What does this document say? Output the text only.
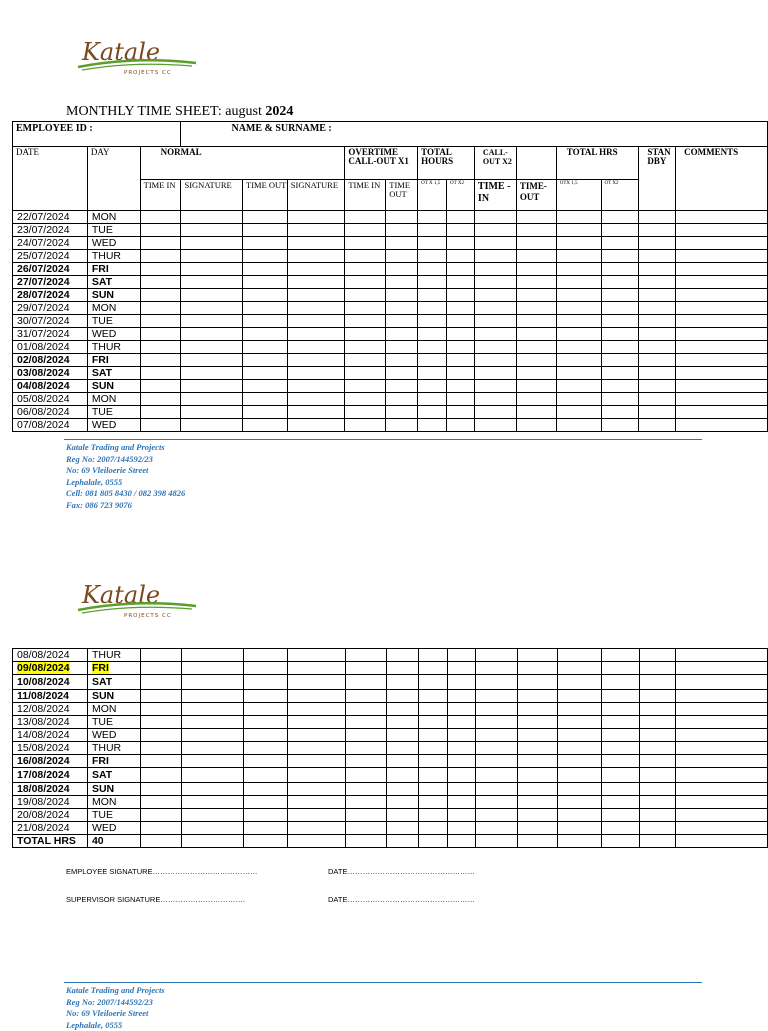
Katale
PROJECTS CC
MONTHLY TIME SHEET: august 2024
EMPLOYEE ID :			NAME & SURNAME :												
DATE	DAY	NORMAL				OVERTIME CALL-OUT X1		TOTAL HOURS		CALL-OUT X2		TOTAL HRS		STANDBY	COMMENTS
		TIME IN	SIGNATURE	TIME OUT	SIGNATURE	TIME IN	TIME OUT	OT X 1,5	OT X2	TIME -IN	TIME-OUT	OTX 1,5	OT X2		
22/07/2024	MON														
23/07/2024	TUE														
24/07/2024	WED														
25/07/2024	THUR														
26/07/2024	FRI														
27/07/2024	SAT														
28/07/2024	SUN														
29/07/2024	MON														
30/07/2024	TUE														
31/07/2024	WED														
01/08/2024	THUR														
02/08/2024	FRI														
03/08/2024	SAT														
04/08/2024	SUN														
05/08/2024	MON														
06/08/2024	TUE														
07/08/2024	WED														
Katale Trading and Projects
Reg No: 2007/144592/23
No: 69 Vleiloerie Street
Lephalale, 0555
Cell: 081 805 8430 / 082 398 4826
Fax: 086 723 9076
Katale
PROJECTS CC
08/08/2024	THUR														
09/08/2024	FRI														
10/08/2024	SAT														
11/08/2024	SUN														
12/08/2024	MON														
13/08/2024	TUE														
14/08/2024	WED														
15/08/2024	THUR														
16/08/2024	FRI														
17/08/2024	SAT														
18/08/2024	SUN														
19/08/2024	MON														
20/08/2024	TUE														
21/08/2024	WED														
TOTAL HRS	40														
EMPLOYEE SIGNATURE……………………………………	DATE……………………………………………
SUPERVISOR SIGNATURE…………………………….	DATE……………………………………………
Katale Trading and Projects
Reg No: 2007/144592/23
No: 69 Vleiloerie Street
Lephalale, 0555
